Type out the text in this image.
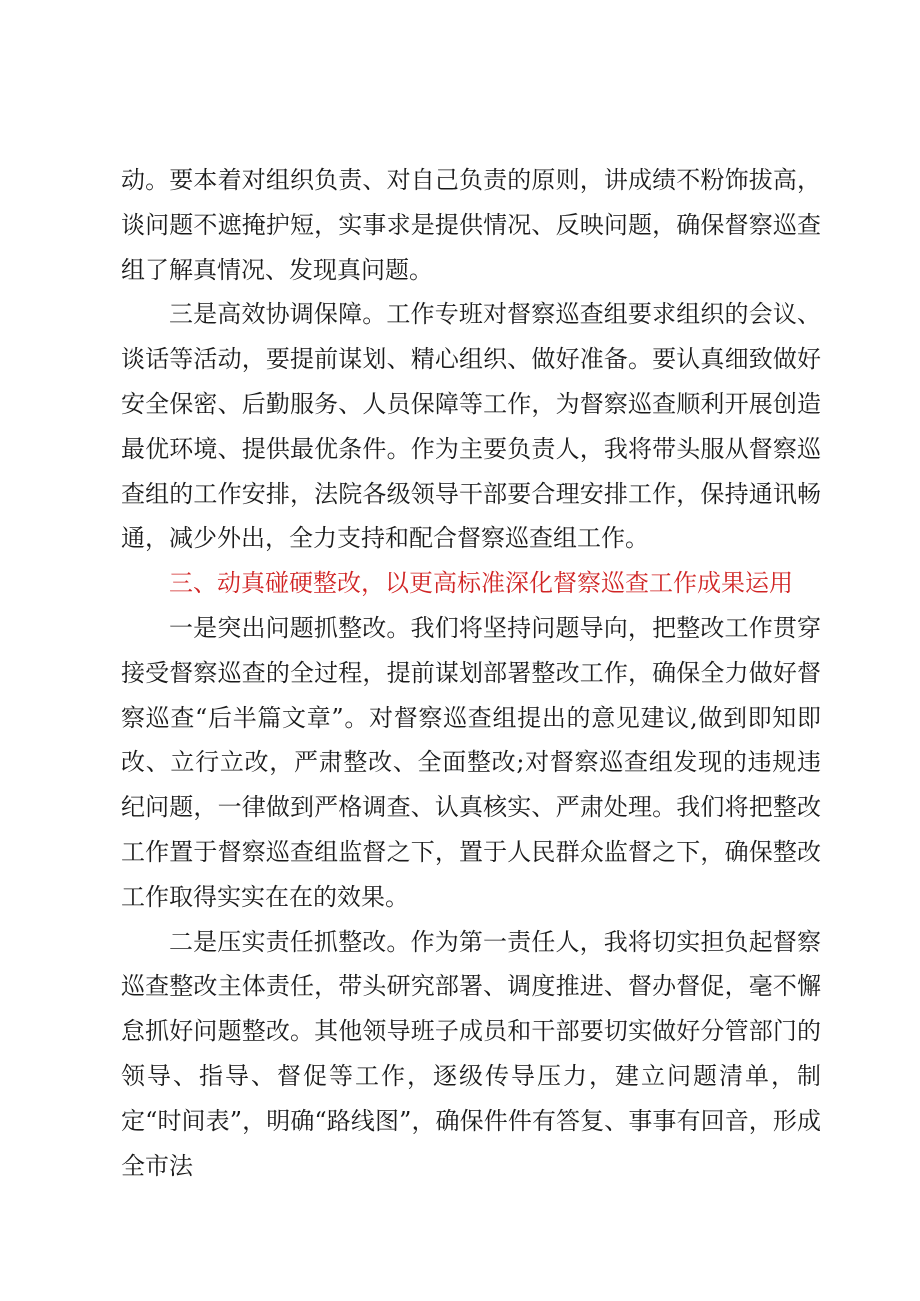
动。要本着对组织负责、对自己负责的原则，讲成绩不粉饰拔高，谈问题不遮掩护短，实事求是提供情况、反映问题，确保督察巡查组了解真情况、发现真问题。

三是高效协调保障。工作专班对督察巡查组要求组织的会议、谈话等活动，要提前谋划、精心组织、做好准备。要认真细致做好安全保密、后勤服务、人员保障等工作，为督察巡查顺利开展创造最优环境、提供最优条件。作为主要负责人，我将带头服从督察巡查组的工作安排，法院各级领导干部要合理安排工作，保持通讯畅通，减少外出，全力支持和配合督察巡查组工作。

三、动真碰硬整改，以更高标准深化督察巡查工作成果运用

一是突出问题抓整改。我们将坚持问题导向，把整改工作贯穿接受督察巡查的全过程，提前谋划部署整改工作，确保全力做好督察巡查“后半篇文章”。对督察巡查组提出的意见建议,做到即知即改、立行立改，严肃整改、全面整改;对督察巡查组发现的违规违纪问题，一律做到严格调查、认真核实、严肃处理。我们将把整改工作置于督察巡查组监督之下，置于人民群众监督之下，确保整改工作取得实实在在的效果。

二是压实责任抓整改。作为第一责任人，我将切实担负起督察巡查整改主体责任，带头研究部署、调度推进、督办督促，毫不懈怠抓好问题整改。其他领导班子成员和干部要切实做好分管部门的领导、指导、督促等工作，逐级传导压力，建立问题清单，制定“时间表”，明确“路线图”，确保件件有答复、事事有回音，形成全市法
